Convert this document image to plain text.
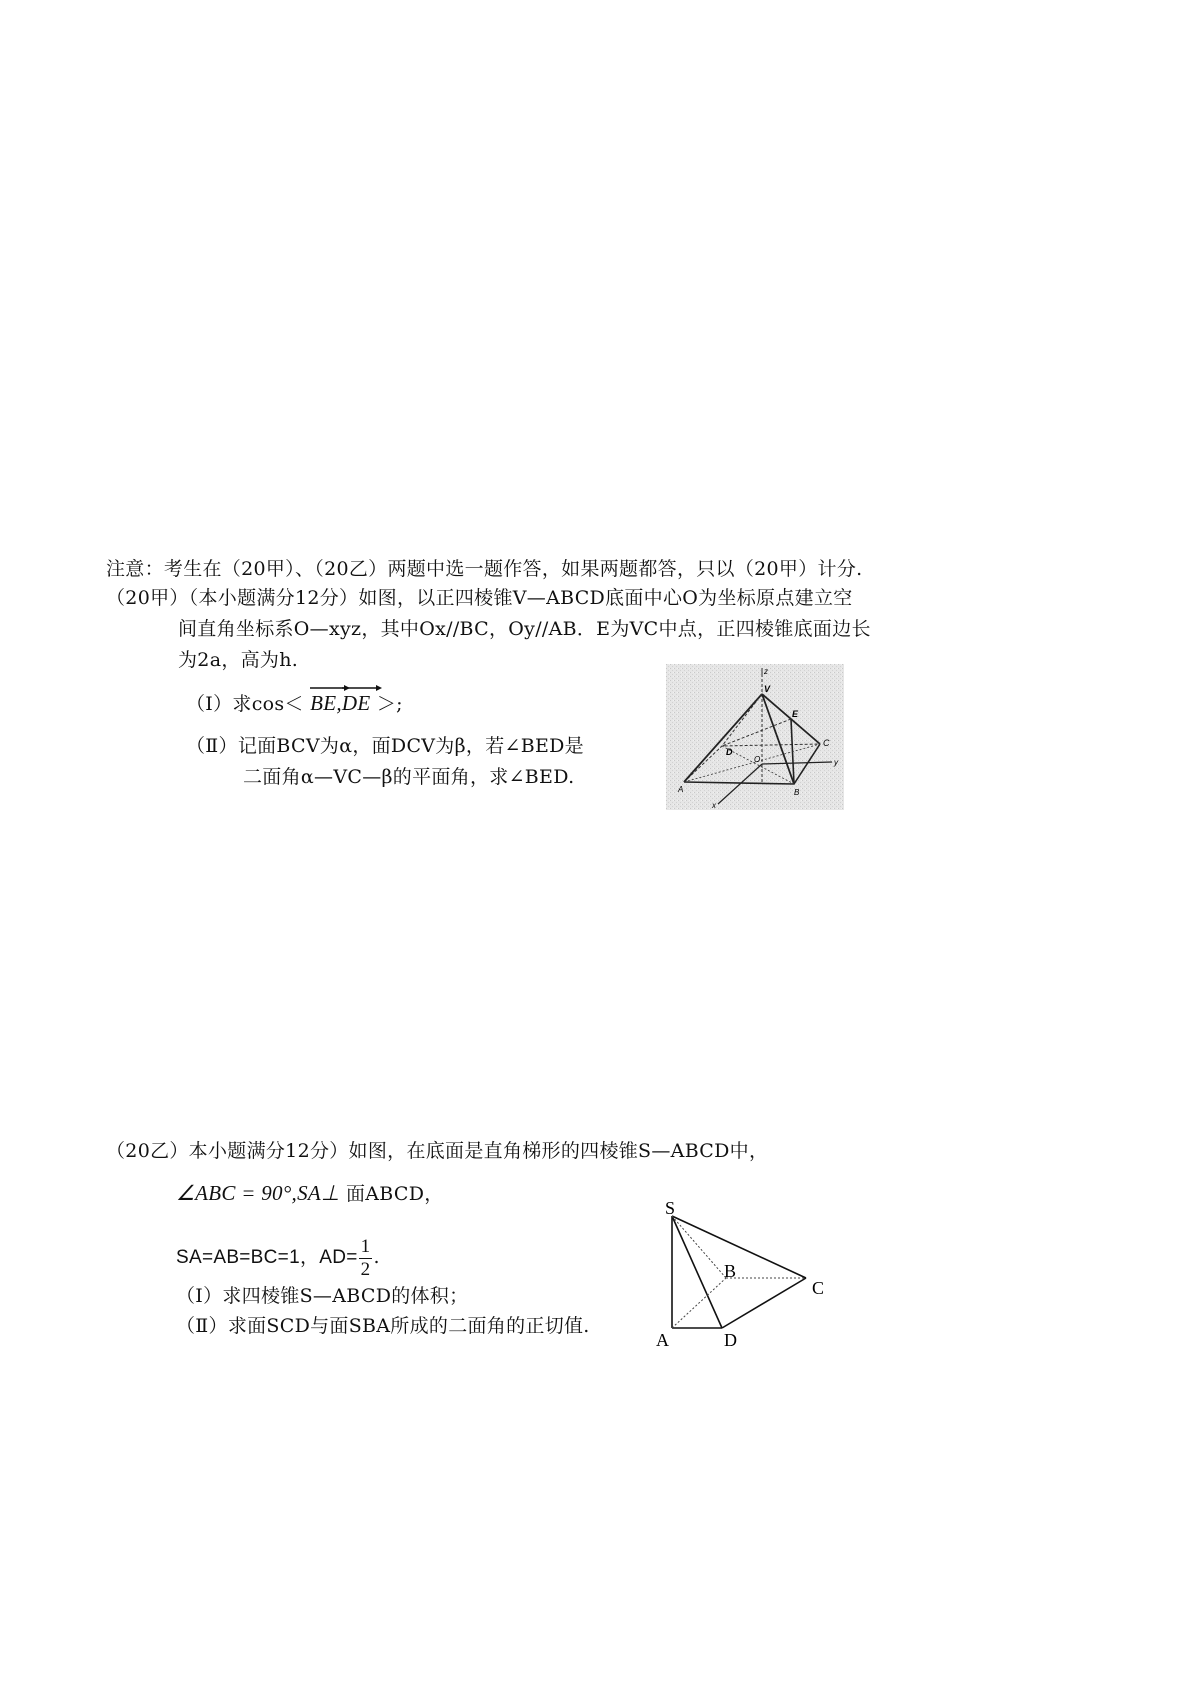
注意：考生在（20甲）、（20乙）两题中选一题作答，如果两题都答，只以（20甲）计分.
（20甲）（本小题满分12分）如图，以正四棱锥V—ABCD底面中心O为坐标原点建立空
间直角坐标系O—xyz，其中Ox//BC，Oy//AB．E为VC中点，正四棱锥底面边长
为2a，高为h.
（Ⅰ）求cos＜ BE,
DE ＞;
（Ⅱ）记面BCV为α，面DCV为β，若∠BED是
二面角α—VC—β的平面角，求∠BED.
z
V
E
D
C
O	y
A	B
x
（20乙）本小题满分12分）如图，在底面是直角梯形的四棱锥S—ABCD中，
∠ABC = 90°,SA⊥ 面ABCD，
SA=AB=BC=1，$AD= \frac{1}{2}$ .
（Ⅰ）求四棱锥S—ABCD的体积；
（Ⅱ）求面SCD与面SBA所成的二面角的正切值.
S
B
C
A	D
